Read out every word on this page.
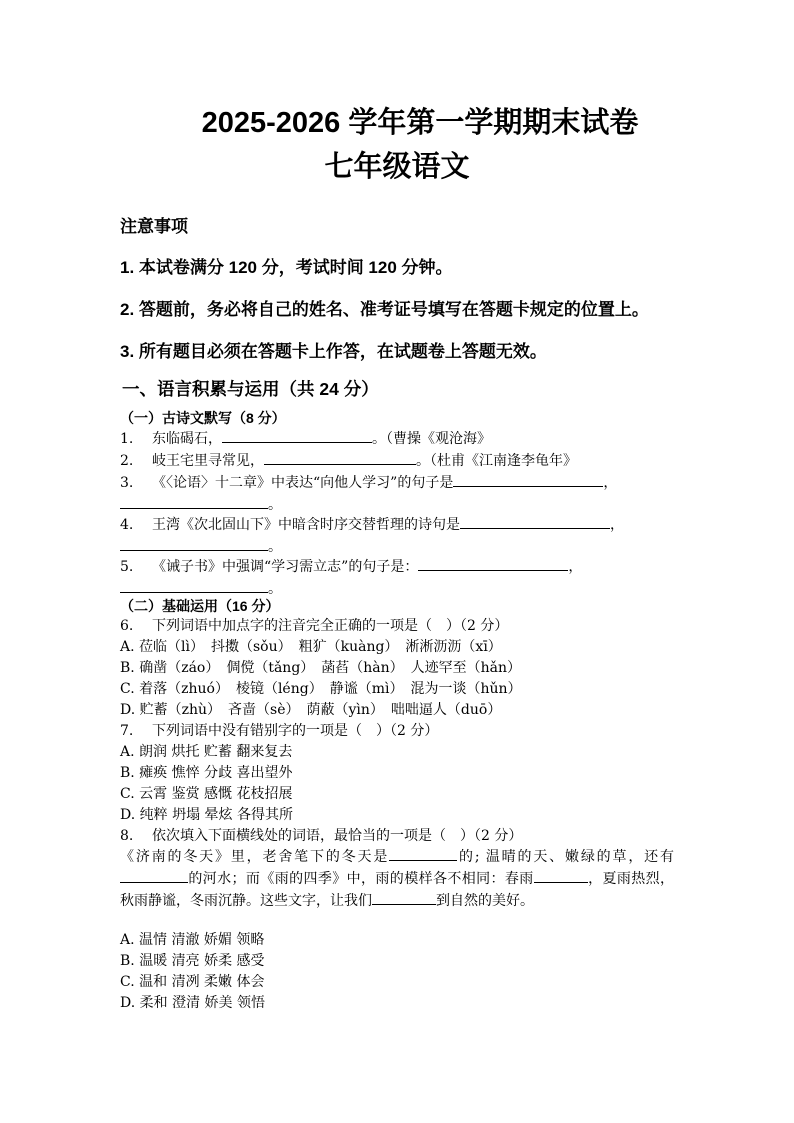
2025-2026 学年第一学期期末试卷
七年级语文
注意事项
1. 本试卷满分 120 分，考试时间 120 分钟。
2. 答题前，务必将自己的姓名、准考证号填写在答题卡规定的位置上。
3. 所有题目必须在答题卡上作答，在试题卷上答题无效。
一、语言积累与运用（共 24 分）
（一）古诗文默写（8 分）
1. 东临碣石，	。（曹操《观沧海》
2. 岐王宅里寻常见，	。（杜甫《江南逢李龟年》
3. 《〈论语〉十二章》中表达“向他人学习”的句子是	，
。
4. 王湾《次北固山下》中暗含时序交替哲理的诗句是	，
。
5. 《诫子书》中强调“学习需立志”的句子是：	，
。
（二）基础运用（16 分）
6. 下列词语中加点字的注音完全正确的一项是（　）（2 分）
A. 莅临（lì）　抖擞（sǒu）　粗犷（kuàng）　淅淅沥沥（xī）
B. 确凿（záo）　倜傥（tǎng）　菡萏（hàn）　人迹罕至（hǎn）
C. 着落（zhuó）　棱镜（léng）　静谧（mì）　混为一谈（hǔn）
D. 贮蓄（zhù）　吝啬（sè）　荫蔽（yìn）　咄咄逼人（duō）
7. 下列词语中没有错别字的一项是（　）（2 分）
A. 朗润 烘托 贮蓄 翻来复去
B. 瘫痪 憔悴 分歧 喜出望外
C. 云霄 鉴赏 感慨 花枝招展
D. 纯粹 坍塌 晕炫 各得其所
8. 依次填入下面横线处的词语，最恰当的一项是（　）（2 分）
《济南的冬天》里，老舍笔下的冬天是	的; 温晴的天、嫩绿的草，还有的河水；而《雨的四季》中，雨的模样各不相同：春雨	，夏雨热烈，秋雨静谧，冬雨沉静。这些文字，让我们	到自然的美好。
A. 温情 清澈 娇媚 领略
B. 温暖 清亮 娇柔 感受
C. 温和 清冽 柔嫩 体会
D. 柔和 澄清 娇美 领悟
